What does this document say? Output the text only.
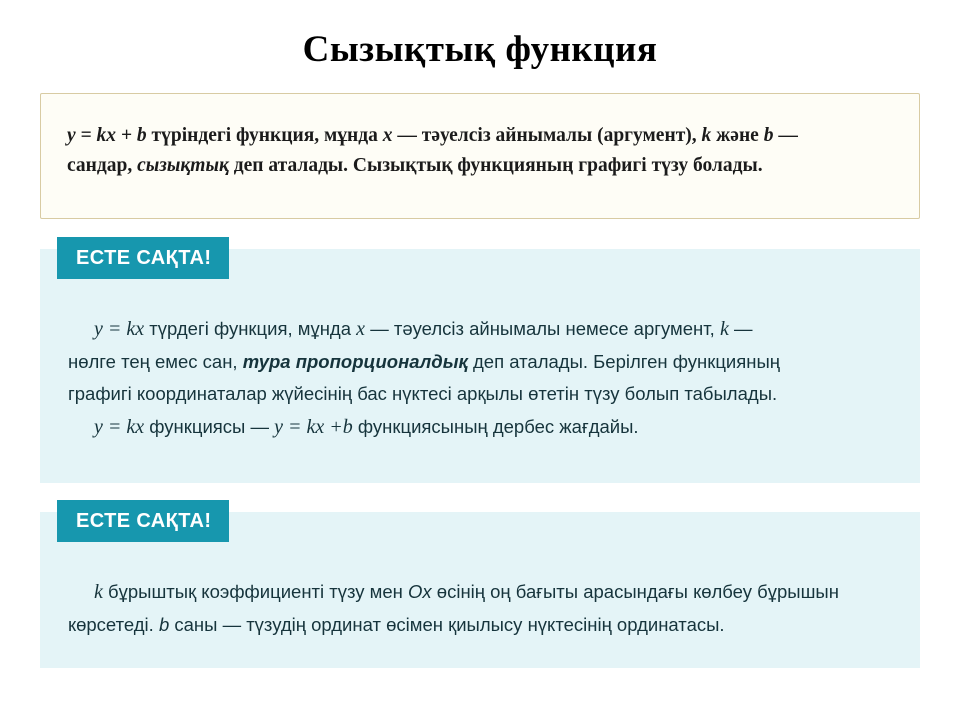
Сызықтық функция
y = kx + b түріндегі функция, мұнда x — тәуелсіз айнымалы (аргумент), k және b —
сандар, сызықтық деп аталады. Сызықтық функцияның графигі түзу болады.
ЕСТЕ САҚТА!

y = kx түрдегі функция, мұнда x — тәуелсіз айнымалы немесе аргумент, k —

нөлге тең емес сан, тура пропорционалдық деп аталады. Берілген функцияның

графигі координаталар жүйесінің бас нүктесі арқылы өтетін түзу болып табылады.

y = kx функциясы — y = kx +b функциясының дербес жағдайы.

ЕСТЕ САҚТА!

k бұрыштық коэффициенті түзу мен Ox өсінің оң бағыты арасындағы көлбеу бұрышын

көрсетеді. b саны — түзудің ординат өсімен қиылысу нүктесінің ординатасы.
